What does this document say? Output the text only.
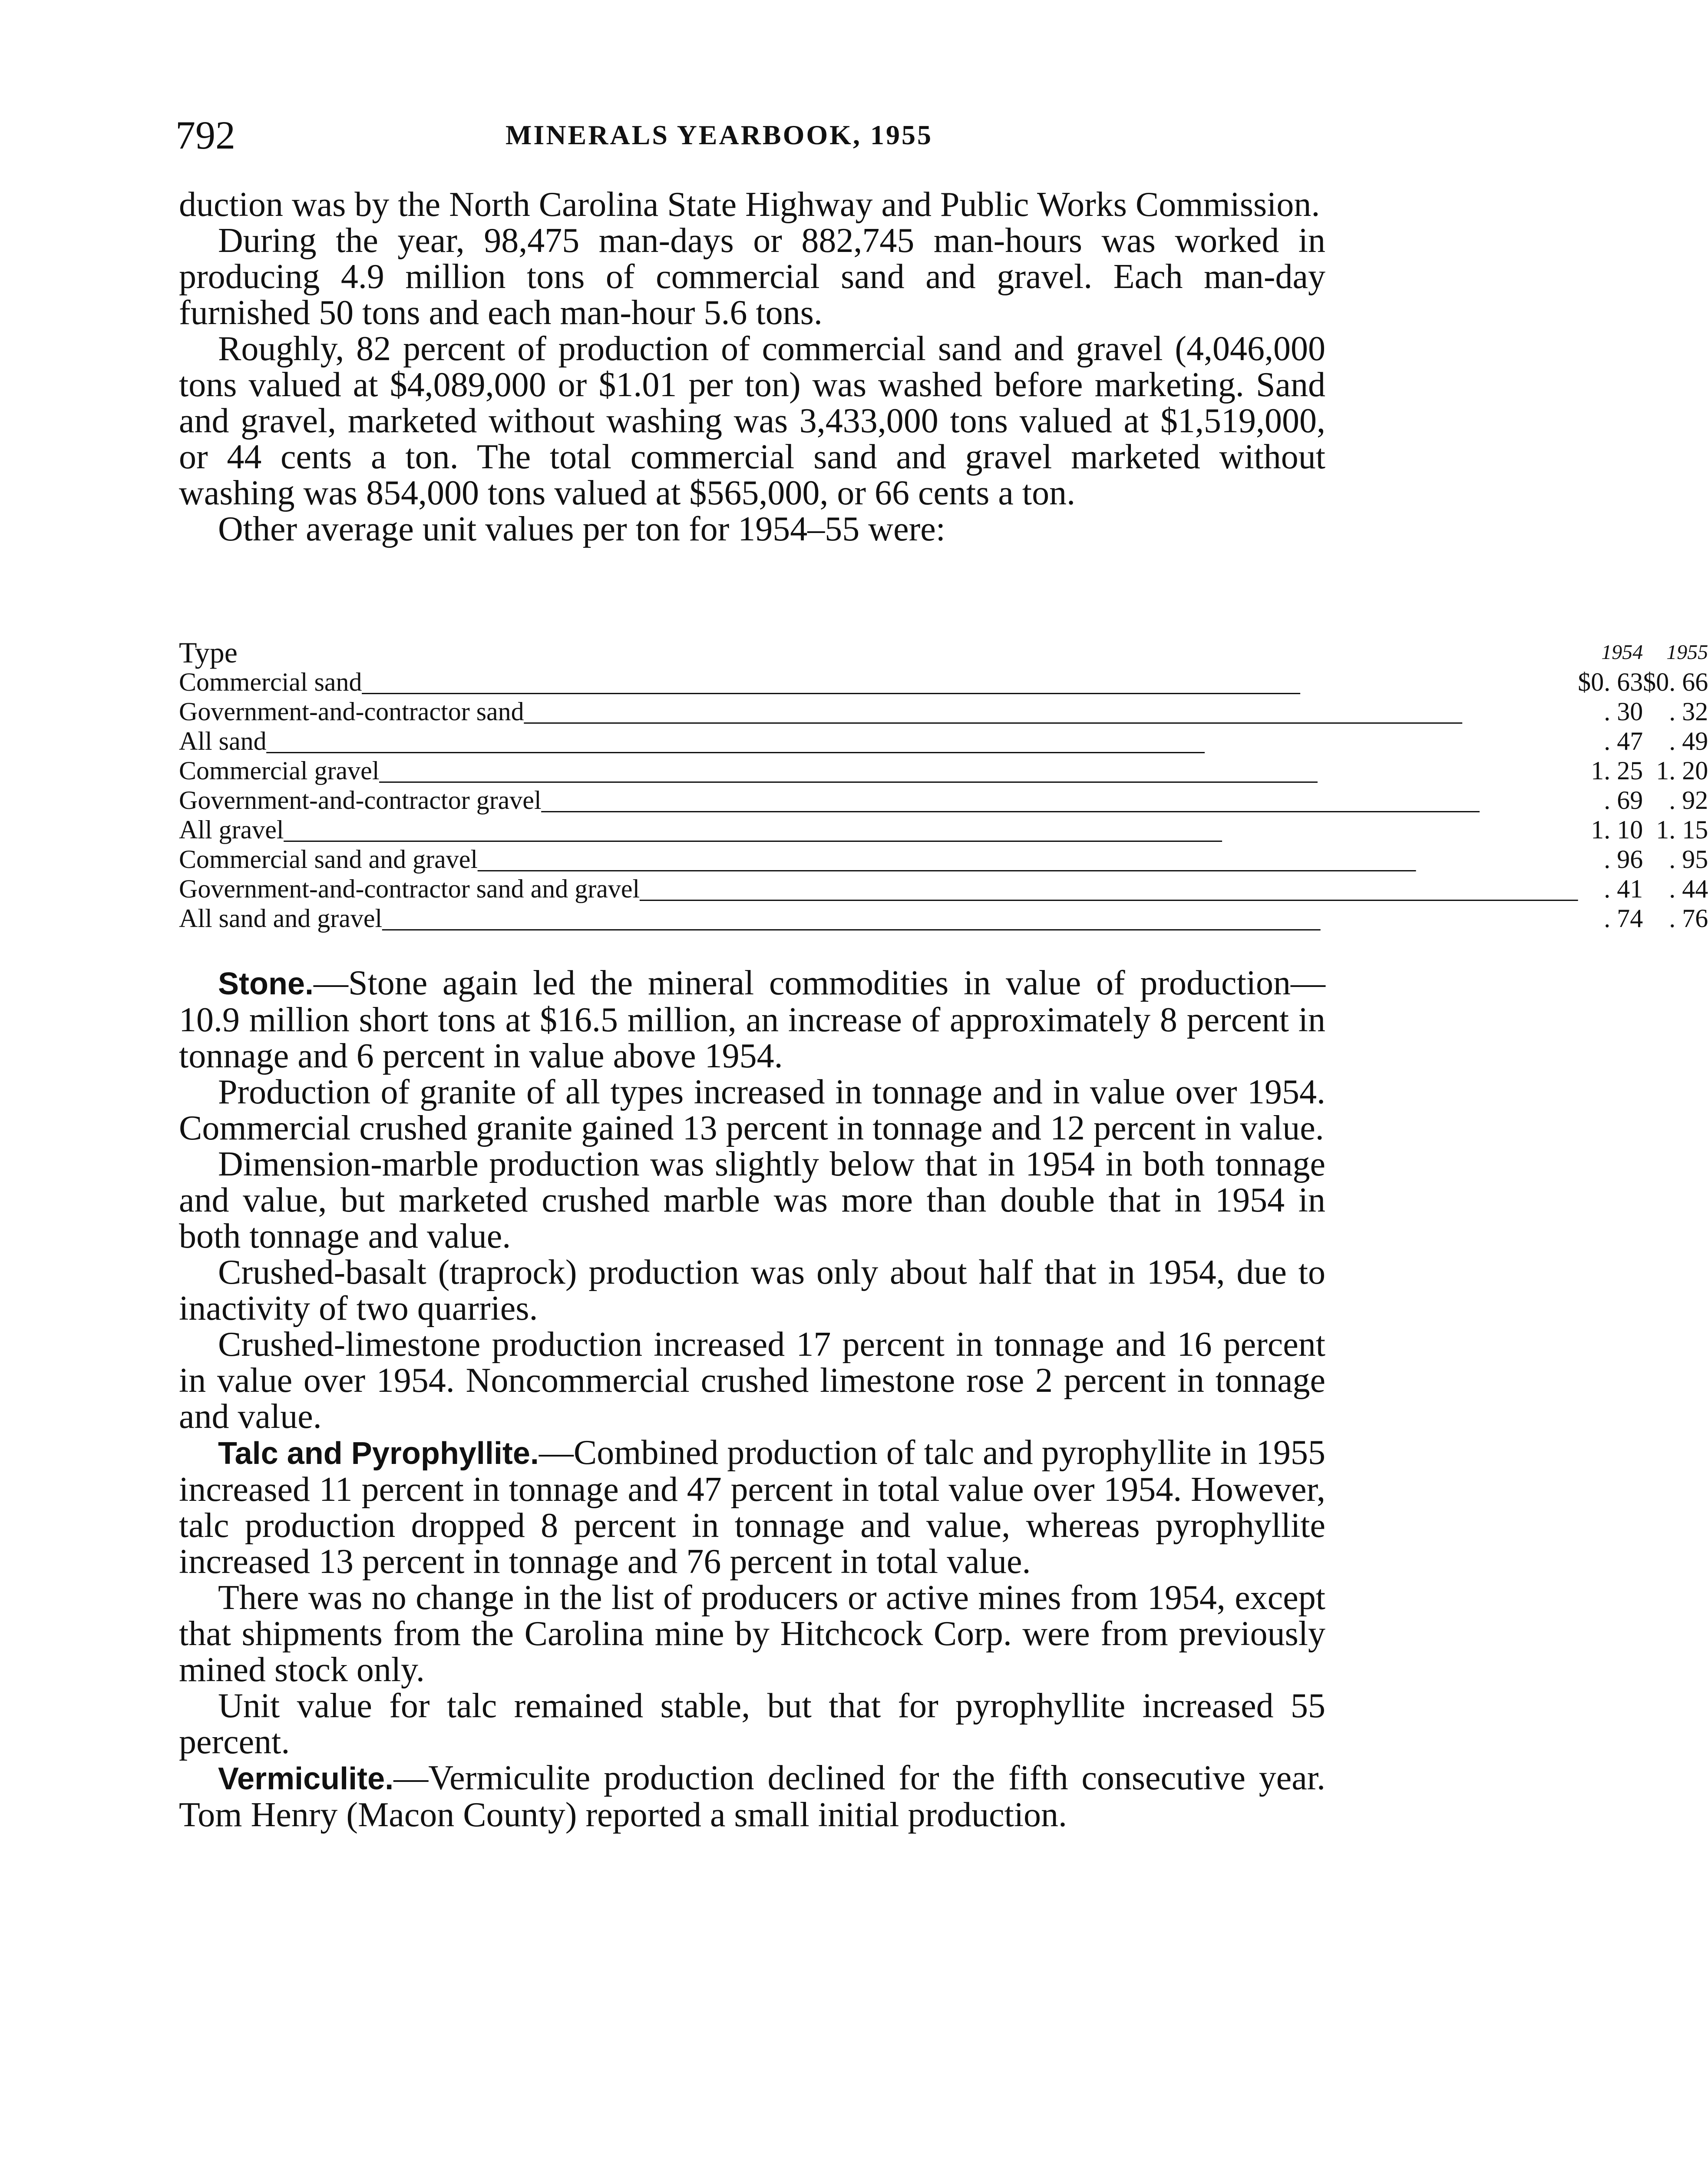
792	MINERALS YEARBOOK, 1955

duction was by the North Carolina State Highway and Public Works Commission.

During the year, 98,475 man-days or 882,745 man-hours was worked in producing 4.9 million tons of commercial sand and gravel. Each man-day furnished 50 tons and each man-hour 5.6 tons.

Roughly, 82 percent of production of commercial sand and gravel (4,046,000 tons valued at $4,089,000 or $1.01 per ton) was washed before marketing. Sand and gravel, marketed without washing was 3,433,000 tons valued at $1,519,000, or 44 cents a ton. The total commercial sand and gravel marketed without washing was 854,000 tons valued at $565,000, or 66 cents a ton.

Other average unit values per ton for 1954–55 were:

Type	1954	1955
Commercial sand________________________________________________________________________	$0. 63	$0. 66
Government-and-contractor sand________________________________________________________________________	. 30	. 32
All sand________________________________________________________________________	. 47	. 49
Commercial gravel________________________________________________________________________	1. 25	1. 20
Government-and-contractor gravel________________________________________________________________________	. 69	. 92
All gravel________________________________________________________________________	1. 10	1. 15
Commercial sand and gravel________________________________________________________________________	. 96	. 95
Government-and-contractor sand and gravel________________________________________________________________________	. 41	. 44
All sand and gravel________________________________________________________________________	. 74	. 76

Stone.—Stone again led the mineral commodities in value of production—10.9 million short tons at $16.5 million, an increase of approximately 8 percent in tonnage and 6 percent in value above 1954.

Production of granite of all types increased in tonnage and in value over 1954. Commercial crushed granite gained 13 percent in tonnage and 12 percent in value.

Dimension-marble production was slightly below that in 1954 in both tonnage and value, but marketed crushed marble was more than double that in 1954 in both tonnage and value.

Crushed-basalt (traprock) production was only about half that in 1954, due to inactivity of two quarries.

Crushed-limestone production increased 17 percent in tonnage and 16 percent in value over 1954. Noncommercial crushed limestone rose 2 percent in tonnage and value.

Talc and Pyrophyllite.—Combined production of talc and pyrophyllite in 1955 increased 11 percent in tonnage and 47 percent in total value over 1954. However, talc production dropped 8 percent in tonnage and value, whereas pyrophyllite increased 13 percent in tonnage and 76 percent in total value.

There was no change in the list of producers or active mines from 1954, except that shipments from the Carolina mine by Hitchcock Corp. were from previously mined stock only.

Unit value for talc remained stable, but that for pyrophyllite increased 55 percent.

Vermiculite.—Vermiculite production declined for the fifth consecutive year. Tom Henry (Macon County) reported a small initial production.
